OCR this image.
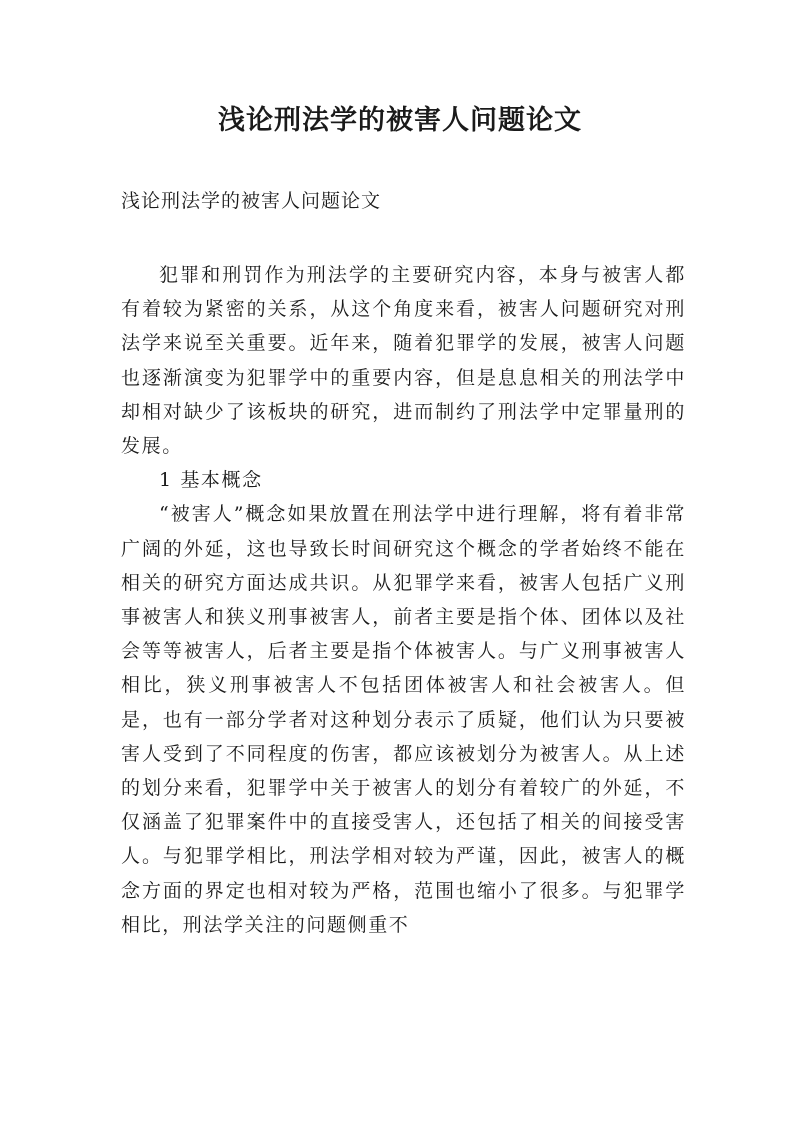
浅论刑法学的被害人问题论文

浅论刑法学的被害人问题论文

犯罪和刑罚作为刑法学的主要研究内容，本身与被害人都有着较为紧密的关系，从这个角度来看，被害人问题研究对刑法学来说至关重要。近年来，随着犯罪学的发展，被害人问题也逐渐演变为犯罪学中的重要内容，但是息息相关的刑法学中却相对缺少了该板块的研究，进而制约了刑法学中定罪量刑的发展。

1 基本概念

“被害人”概念如果放置在刑法学中进行理解，将有着非常广阔的外延，这也导致长时间研究这个概念的学者始终不能在相关的研究方面达成共识。从犯罪学来看，被害人包括广义刑事被害人和狭义刑事被害人，前者主要是指个体、团体以及社会等等被害人，后者主要是指个体被害人。与广义刑事被害人相比，狭义刑事被害人不包括团体被害人和社会被害人。但是，也有一部分学者对这种划分表示了质疑，他们认为只要被害人受到了不同程度的伤害，都应该被划分为被害人。从上述的划分来看，犯罪学中关于被害人的划分有着较广的外延，不仅涵盖了犯罪案件中的直接受害人，还包括了相关的间接受害人。与犯罪学相比，刑法学相对较为严谨，因此，被害人的概念方面的界定也相对较为严格，范围也缩小了很多。与犯罪学相比，刑法学关注的问题侧重不
